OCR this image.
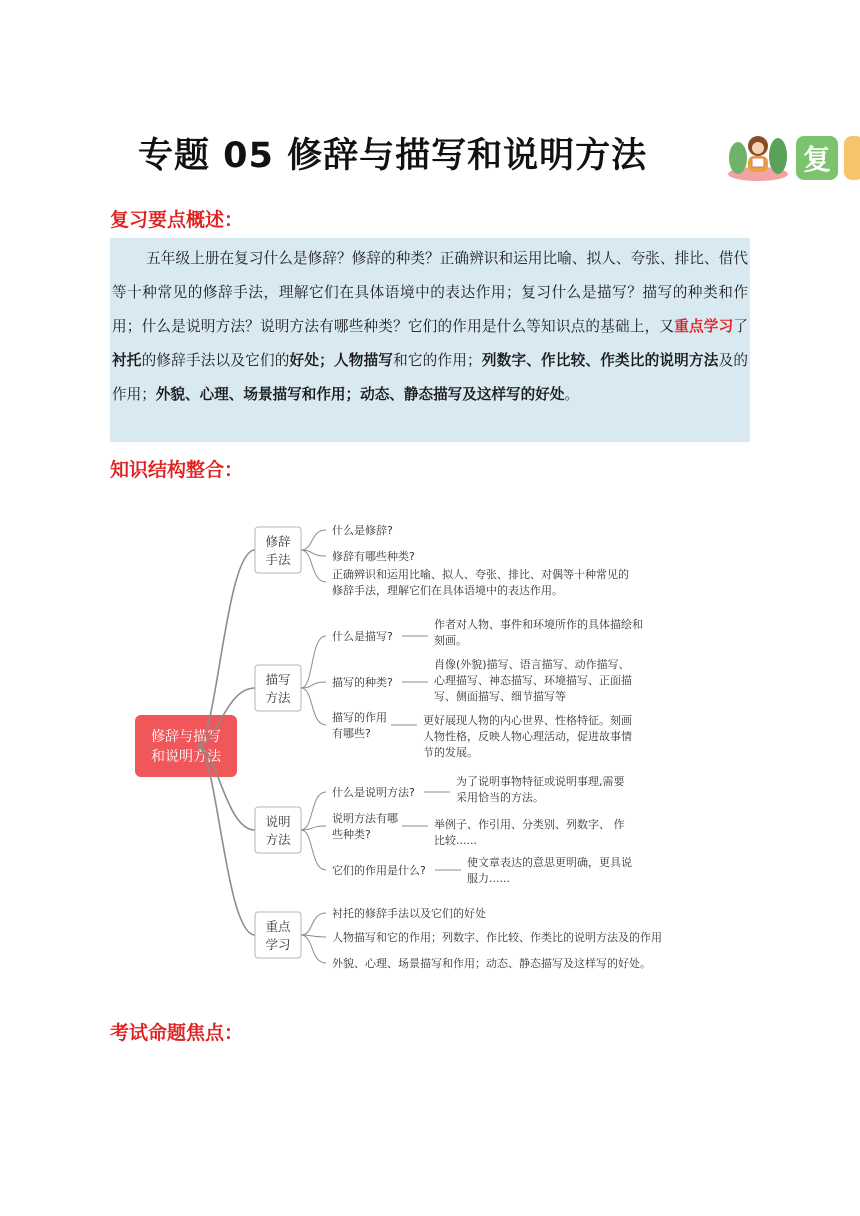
专题 05 修辞与描写和说明方法	复
复习要点概述：
五年级上册在复习什么是修辞？修辞的种类？正确辨识和运用比喻、拟人、夸张、排比、借代等十种常见的修辞手法，理解它们在具体语境中的表达作用；复习什么是描写？描写的种类和作用；什么是说明方法？说明方法有哪些种类？它们的作用是什么等知识点的基础上，又重点学习了衬托的修辞手法以及它们的好处；人物描写和它的作用；列数字、作比较、作类比的说明方法及的作用；外貌、心理、场景描写和作用；动态、静态描写及这样写的好处。
知识结构整合：
修辞与描写
和说明方法
修辞
手法
什么是修辞?
修辞有哪些种类?
正确辨识和运用比喻、拟人、夸张、排比、对偶等十种常见的
修辞手法，理解它们在具体语境中的表达作用。
描写
方法
什么是描写?
作者对人物、事件和环境所作的具体描绘和
刻画。
描写的种类?
肖像(外貌)描写、语言描写、动作描写、
心理描写、神态描写、环境描写、正面描
写、侧面描写、细节描写等
描写的作用
有哪些?
更好展现人物的内心世界、性格特征。刻画
人物性格，反映人物心理活动，促进故事情
节的发展。
说明
方法
什么是说明方法?
为了说明事物特征或说明事理,需要
采用恰当的方法。
说明方法有哪
些种类?
举例子、作引用、分类别、列数字、 作
比较......
它们的作用是什么?
使文章表达的意思更明确，更具说
服力......
重点
学习
衬托的修辞手法以及它们的好处
人物描写和它的作用；列数字、作比较、作类比的说明方法及的作用
外貌、心理、场景描写和作用；动态、静态描写及这样写的好处。
考试命题焦点：
